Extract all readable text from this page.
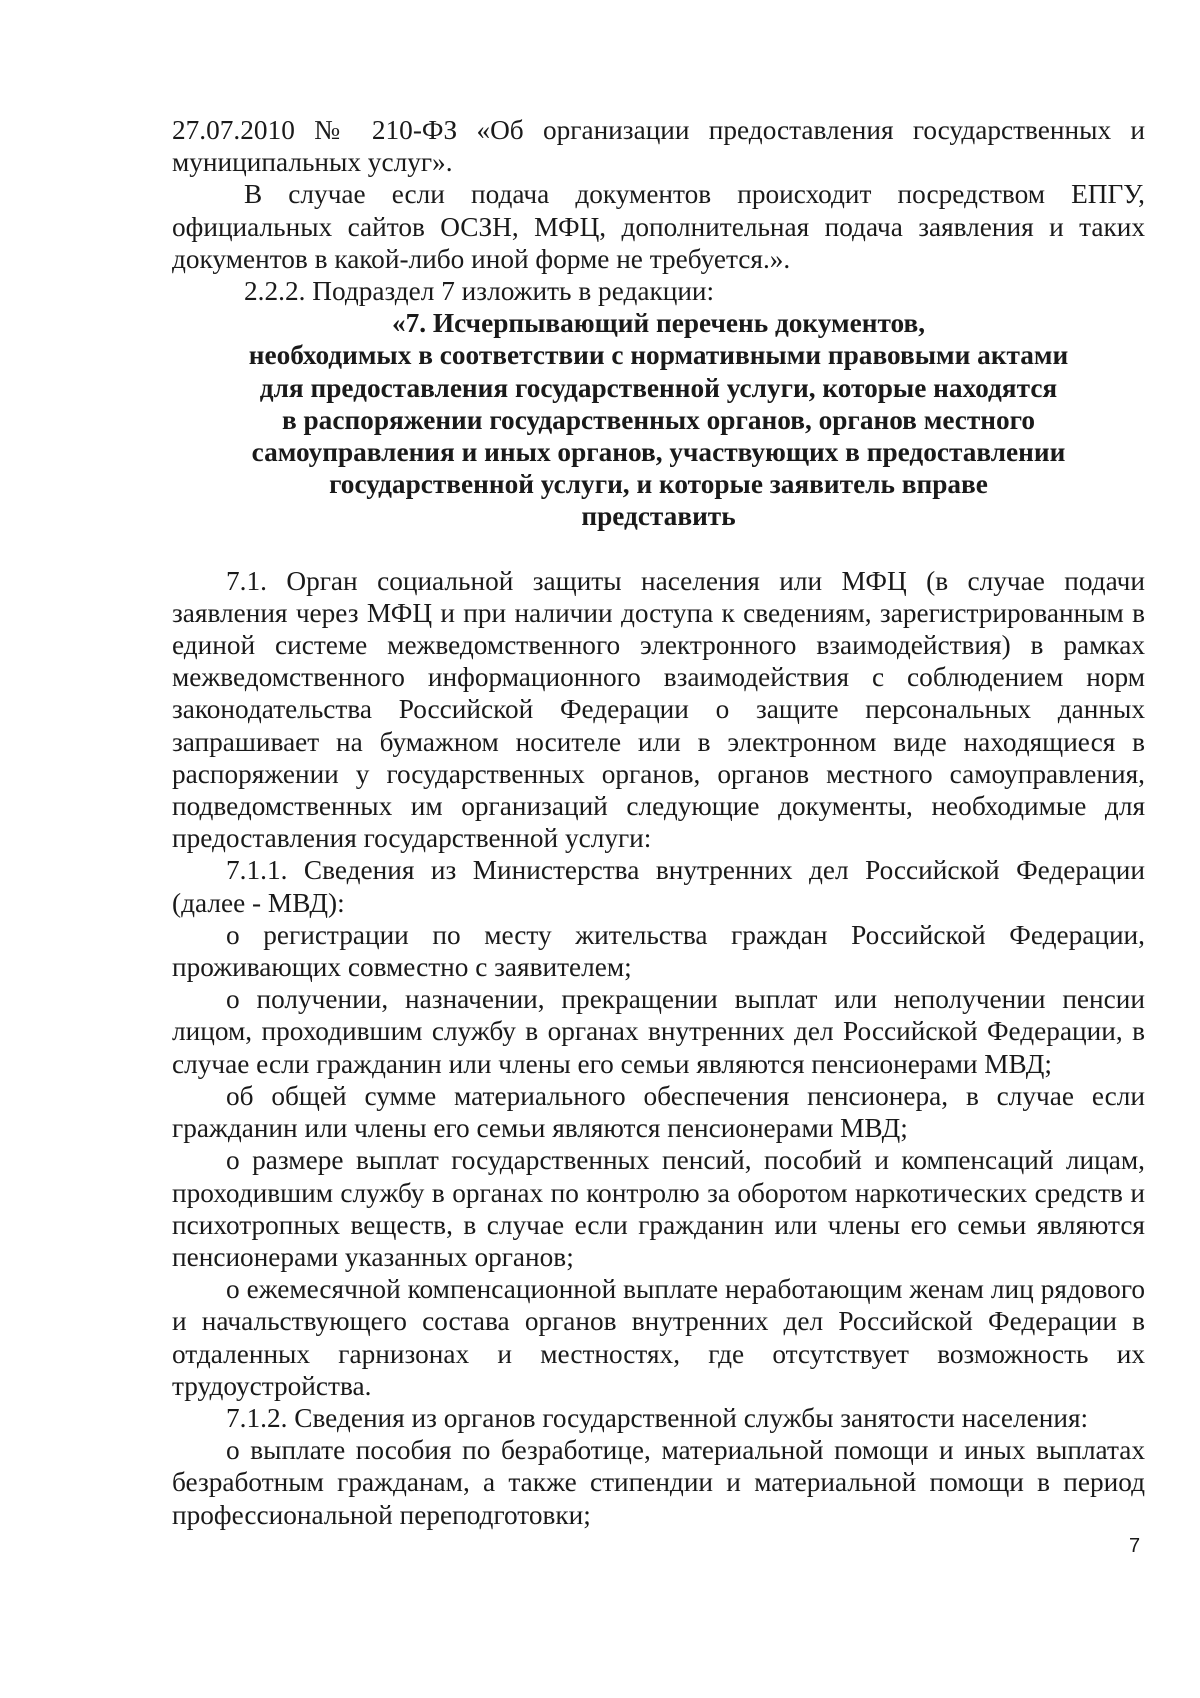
27.07.2010 № 210-ФЗ «Об организации предоставления государственных и муниципальных услуг».

В случае если подача документов происходит посредством ЕПГУ, официальных сайтов ОСЗН, МФЦ, дополнительная подача заявления и таких документов в какой-либо иной форме не требуется.».

2.2.2. Подраздел 7 изложить в редакции:

«7. Исчерпывающий перечень документов,
необходимых в соответствии с нормативными правовыми актами
для предоставления государственной услуги, которые находятся
в распоряжении государственных органов, органов местного
самоуправления и иных органов, участвующих в предоставлении
государственной услуги, и которые заявитель вправе
представить

7.1. Орган социальной защиты населения или МФЦ (в случае подачи заявления через МФЦ и при наличии доступа к сведениям, зарегистрированным в единой системе межведомственного электронного взаимодействия) в рамках межведомственного информационного взаимодействия с соблюдением норм законодательства Российской Федерации о защите персональных данных запрашивает на бумажном носителе или в электронном виде находящиеся в распоряжении у государственных органов, органов местного самоуправления, подведомственных им организаций следующие документы, необходимые для предоставления государственной услуги:

7.1.1. Сведения из Министерства внутренних дел Российской Федерации (далее - МВД):

о регистрации по месту жительства граждан Российской Федерации, проживающих совместно с заявителем;

о получении, назначении, прекращении выплат или неполучении пенсии лицом, проходившим службу в органах внутренних дел Российской Федерации, в случае если гражданин или члены его семьи являются пенсионерами МВД;

об общей сумме материального обеспечения пенсионера, в случае если гражданин или члены его семьи являются пенсионерами МВД;

о размере выплат государственных пенсий, пособий и компенсаций лицам, проходившим службу в органах по контролю за оборотом наркотических средств и психотропных веществ, в случае если гражданин или члены его семьи являются пенсионерами указанных органов;

о ежемесячной компенсационной выплате неработающим женам лиц рядового и начальствующего состава органов внутренних дел Российской Федерации в отдаленных гарнизонах и местностях, где отсутствует возможность их трудоустройства.

7.1.2. Сведения из органов государственной службы занятости населения:

о выплате пособия по безработице, материальной помощи и иных выплатах безработным гражданам, а также стипендии и материальной помощи в период профессиональной переподготовки;

7
